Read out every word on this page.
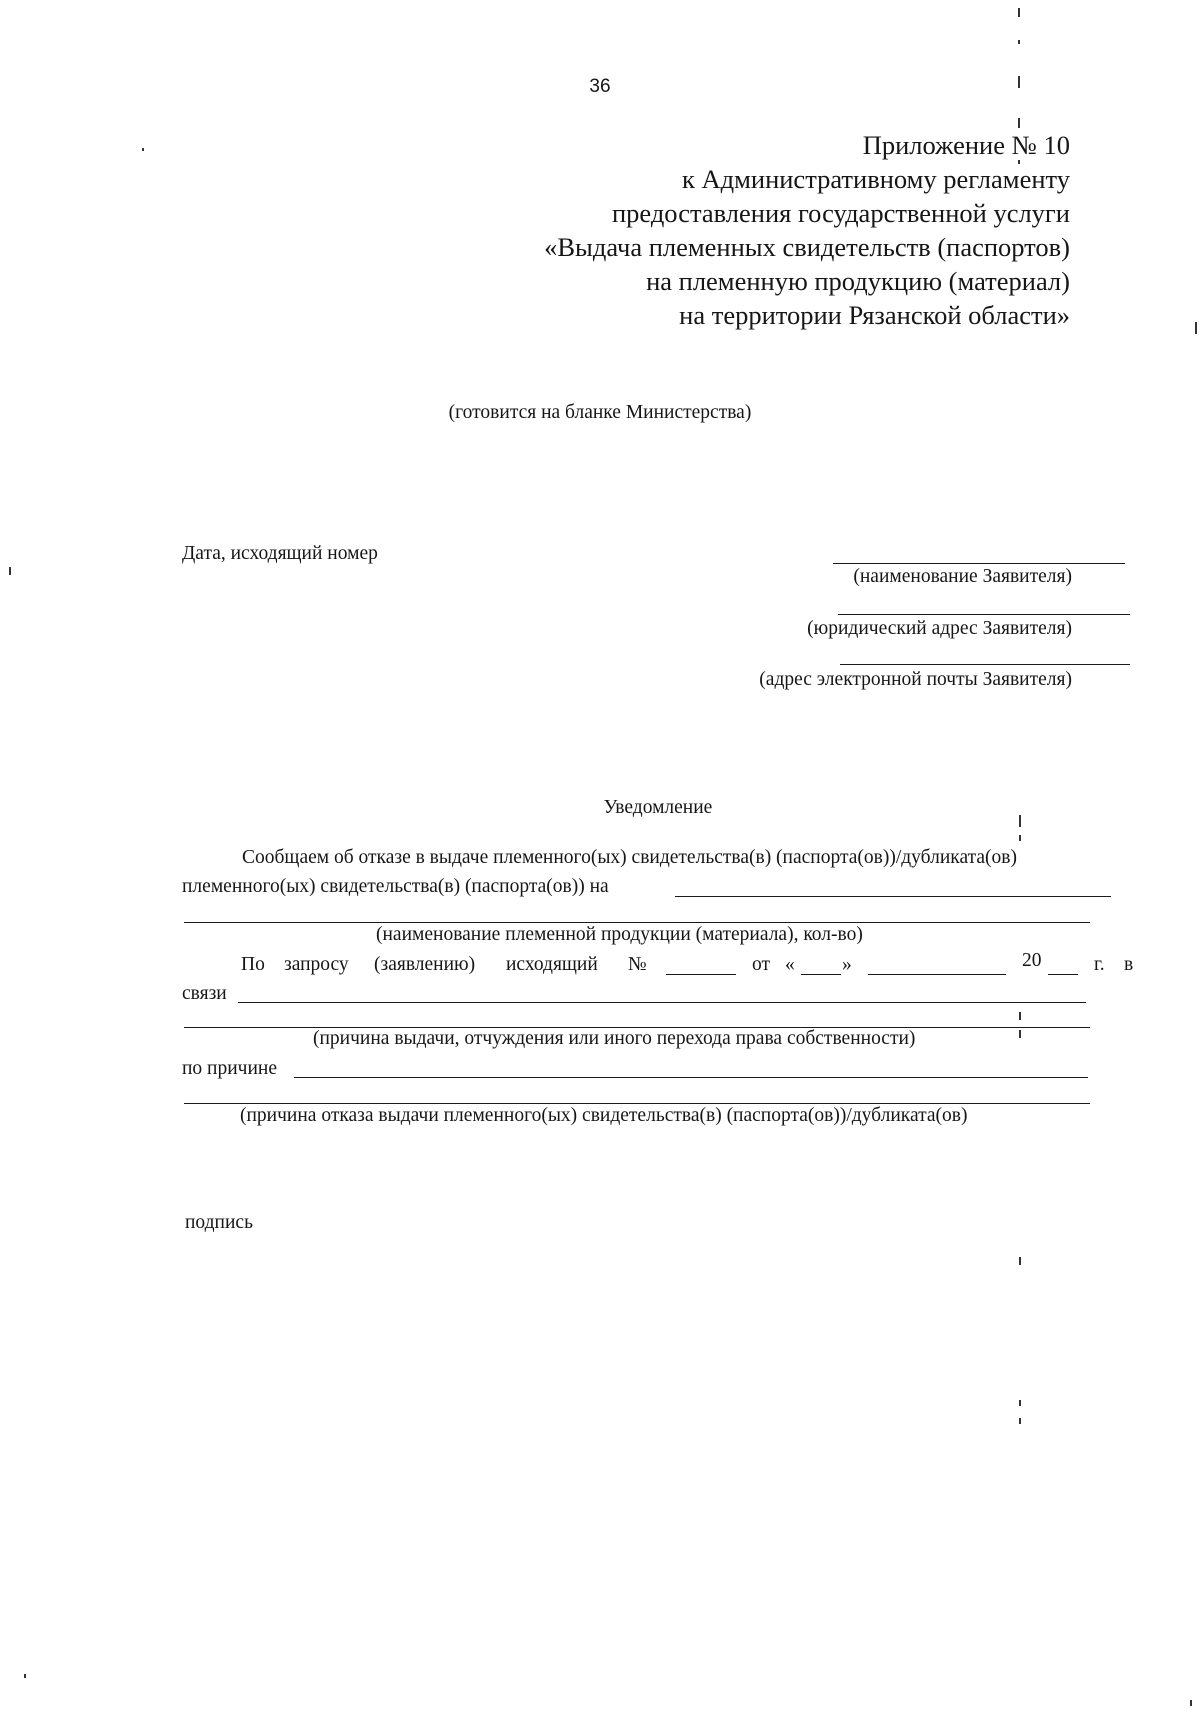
36
Приложение № 10
к Административному регламенту
предоставления государственной услуги
«Выдача племенных свидетельств (паспортов)
на племенную продукцию (материал)
на территории Рязанской области»
(готовится на бланке Министерства)
Дата, исходящий номер
(наименование Заявителя)
(юридический адрес Заявителя)
(адрес электронной почты Заявителя)
Уведомление
Сообщаем об отказе в выдаче племенного(ых) свидетельства(в) (паспорта(ов))/дубликата(ов)
племенного(ых) свидетельства(в) (паспорта(ов)) на
(наименование племенной продукции (материала), кол-во)
По запросу (заявлению) исходящий №	от « »	20	г. в
связи
(причина выдачи, отчуждения или иного перехода права собственности)
по причине
(причина отказа выдачи племенного(ых) свидетельства(в) (паспорта(ов))/дубликата(ов)
подпись
